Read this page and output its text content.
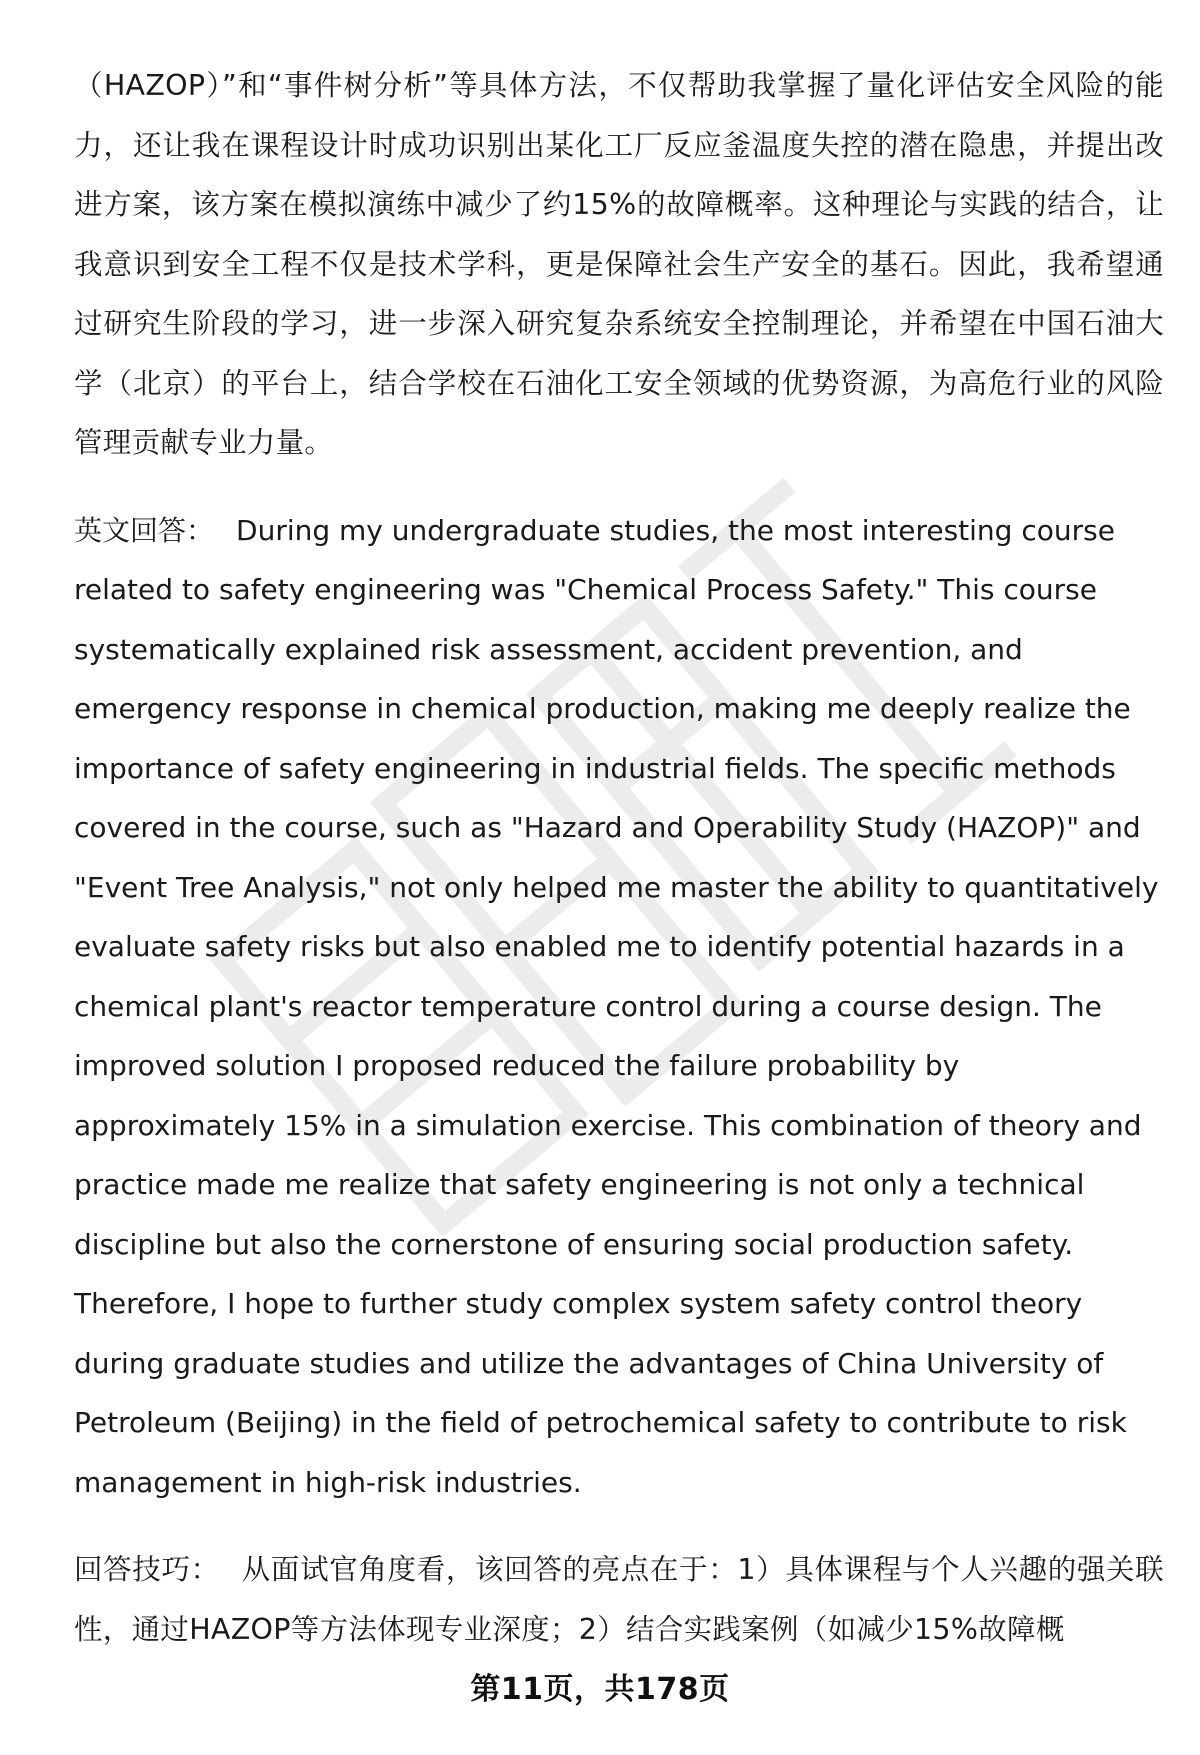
（HAZOP）”和“事件树分析”等具体方法，不仅帮助我掌握了量化评估安全风险的能力，还让我在课程设计时成功识别出某化工厂反应釜温度失控的潜在隐患，并提出改进方案，该方案在模拟演练中减少了约15%的故障概率。这种理论与实践的结合，让我意识到安全工程不仅是技术学科，更是保障社会生产安全的基石。因此，我希望通过研究生阶段的学习，进一步深入研究复杂系统安全控制理论，并希望在中国石油大学（北京）的平台上，结合学校在石油化工安全领域的优势资源，为高危行业的风险管理贡献专业力量。

英文回答： During my undergraduate studies, the most interesting course related to safety engineering was "Chemical Process Safety." This course systematically explained risk assessment, accident prevention, and emergency response in chemical production, making me deeply realize the importance of safety engineering in industrial fields. The specific methods covered in the course, such as "Hazard and Operability Study (HAZOP)" and "Event Tree Analysis," not only helped me master the ability to quantitatively evaluate safety risks but also enabled me to identify potential hazards in a chemical plant's reactor temperature control during a course design. The improved solution I proposed reduced the failure probability by approximately 15% in a simulation exercise. This combination of theory and practice made me realize that safety engineering is not only a technical discipline but also the cornerstone of ensuring social production safety. Therefore, I hope to further study complex system safety control theory during graduate studies and utilize the advantages of China University of Petroleum (Beijing) in the field of petrochemical safety to contribute to risk management in high-risk industries.

回答技巧： 从面试官角度看，该回答的亮点在于：1）具体课程与个人兴趣的强关联性，通过HAZOP等方法体现专业深度；2）结合实践案例（如减少15%故障概

第11页，共178页
